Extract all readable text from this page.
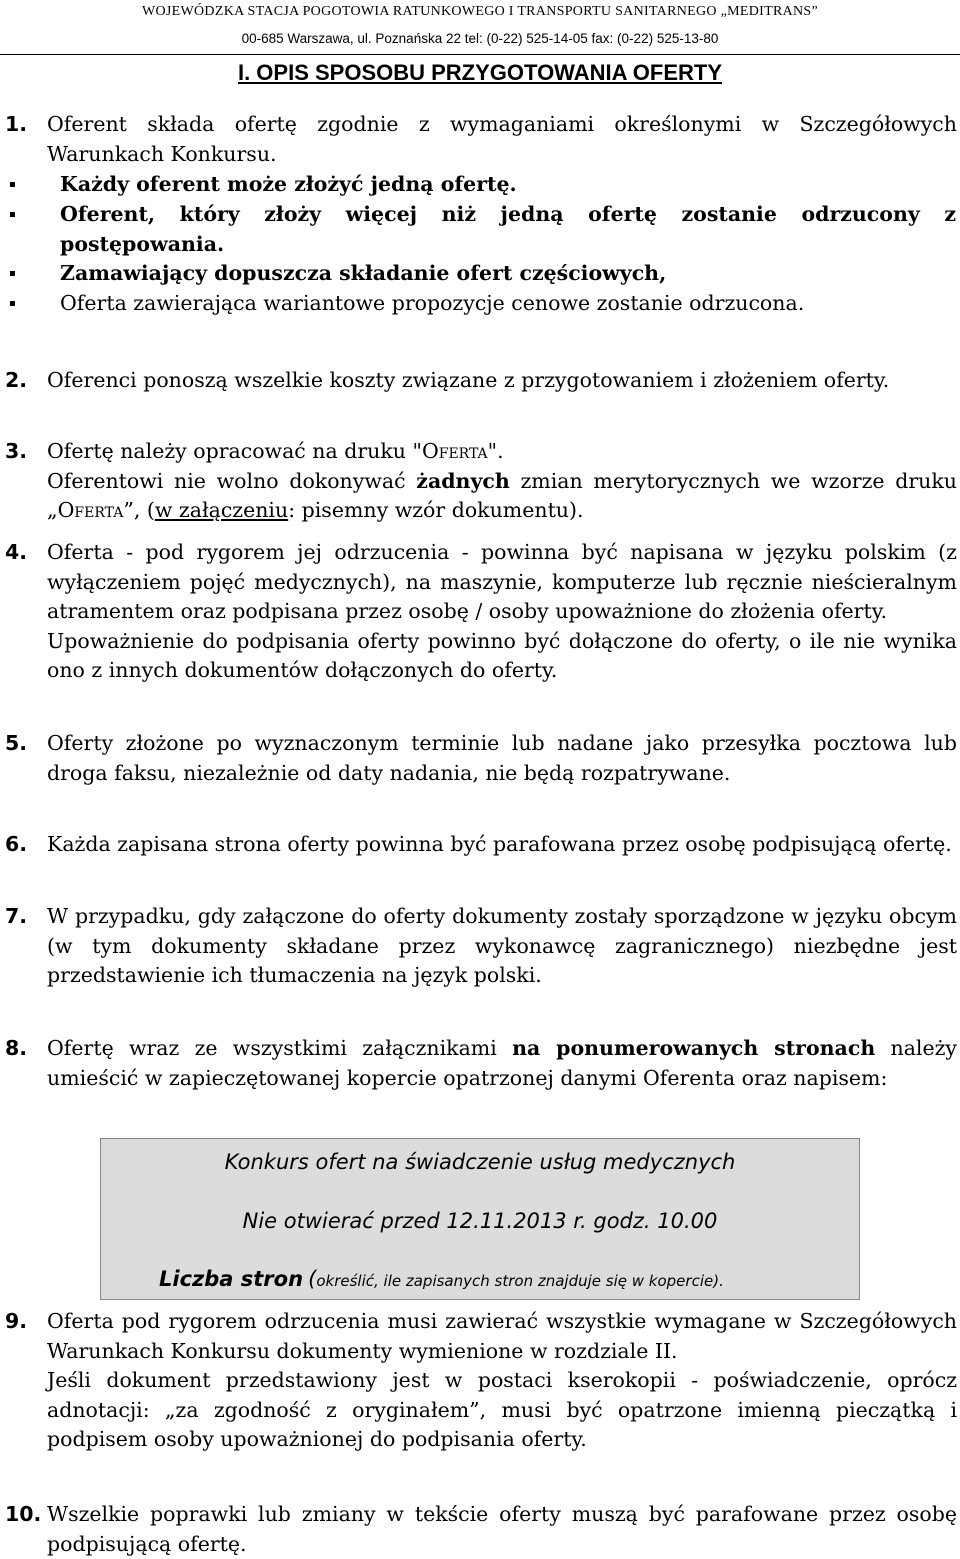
WOJEWÓDZKA STACJA POGOTOWIA RATUNKOWEGO I TRANSPORTU SANITARNEGO „MEDITRANS”
00-685 Warszawa, ul. Poznańska 22 tel: (0-22) 525-14-05 fax: (0-22) 525-13-80
I. OPIS SPOSOBU PRZYGOTOWANIA OFERTY
1. Oferent składa ofertę zgodnie z wymaganiami określonymi w Szczegółowych Warunkach Konkursu.
Każdy oferent może złożyć jedną ofertę.
Oferent, który złoży więcej niż jedną ofertę zostanie odrzucony z postępowania.
Zamawiający dopuszcza składanie ofert częściowych,
Oferta zawierająca wariantowe propozycje cenowe zostanie odrzucona.
2. Oferenci ponoszą wszelkie koszty związane z przygotowaniem i złożeniem oferty.
3. Ofertę należy opracować na druku "Oferta".

Oferentowi nie wolno dokonywać żadnych zmian merytorycznych we wzorze druku „Oferta”, (w załączeniu: pisemny wzór dokumentu).

4. Oferta - pod rygorem jej odrzucenia - powinna być napisana w języku polskim (z wyłączeniem pojęć medycznych), na maszynie, komputerze lub ręcznie nieścieralnym atramentem oraz podpisana przez osobę / osoby upoważnione do złożenia oferty.

Upoważnienie do podpisania oferty powinno być dołączone do oferty, o ile nie wynika ono z innych dokumentów dołączonych do oferty.

5. Oferty złożone po wyznaczonym terminie lub nadane jako przesyłka pocztowa lub droga faksu, niezależnie od daty nadania, nie będą rozpatrywane.
6. Każda zapisana strona oferty powinna być parafowana przez osobę podpisującą ofertę.
7. W przypadku, gdy załączone do oferty dokumenty zostały sporządzone w języku obcym (w tym dokumenty składane przez wykonawcę zagranicznego) niezbędne jest przedstawienie ich tłumaczenia na język polski.
8. Ofertę wraz ze wszystkimi załącznikami na ponumerowanych stronach należy umieścić w zapieczętowanej kopercie opatrzonej danymi Oferenta oraz napisem:
9. Oferta pod rygorem odrzucenia musi zawierać wszystkie wymagane w Szczegółowych Warunkach Konkursu dokumenty wymienione w rozdziale II.

Jeśli dokument przedstawiony jest w postaci kserokopii - poświadczenie, oprócz adnotacji: „za zgodność z oryginałem”, musi być opatrzone imienną pieczątką i podpisem osoby upoważnionej do podpisania oferty.

10. Wszelkie poprawki lub zmiany w tekście oferty muszą być parafowane przez osobę podpisującą ofertę.
Konkurs ofert na świadczenie usług medycznych
Nie otwierać przed 12.11.2013 r. godz. 10.00
Liczba stron (określić, ile zapisanych stron znajduje się w kopercie).
